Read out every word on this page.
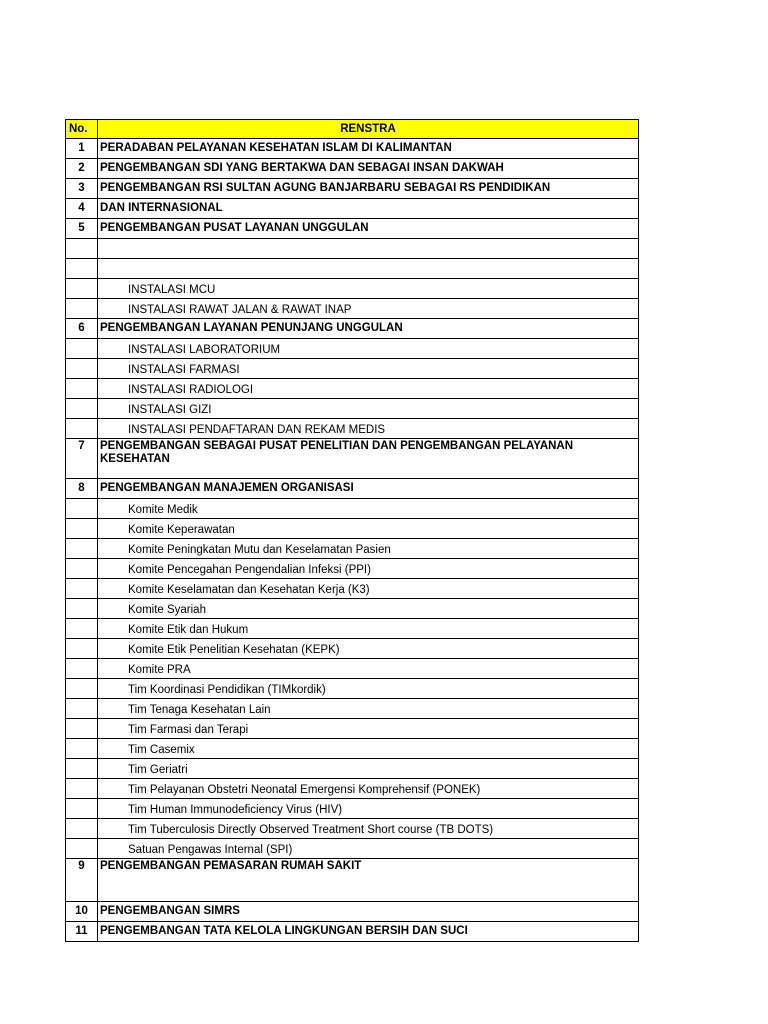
No.	RENSTRA
1	PERADABAN PELAYANAN KESEHATAN ISLAM DI KALIMANTAN
2	PENGEMBANGAN SDI YANG BERTAKWA DAN SEBAGAI INSAN DAKWAH
3	PENGEMBANGAN RSI SULTAN AGUNG BANJARBARU SEBAGAI RS PENDIDIKAN
4	DAN INTERNASIONAL
5	PENGEMBANGAN PUSAT LAYANAN UNGGULAN

	INSTALASI MCU
	INSTALASI RAWAT JALAN & RAWAT INAP
6	PENGEMBANGAN LAYANAN PENUNJANG UNGGULAN
	INSTALASI LABORATORIUM
	INSTALASI FARMASI
	INSTALASI RADIOLOGI
	INSTALASI GIZI
	INSTALASI PENDAFTARAN DAN REKAM MEDIS
7	PENGEMBANGAN SEBAGAI PUSAT PENELITIAN DAN PENGEMBANGAN PELAYANAN KESEHATAN
8	PENGEMBANGAN MANAJEMEN ORGANISASI
	Komite Medik
	Komite Keperawatan
	Komite Peningkatan Mutu dan Keselamatan Pasien
	Komite Pencegahan Pengendalian Infeksi (PPI)
	Komite Keselamatan dan Kesehatan Kerja (K3)
	Komite Syariah
	Komite Etik dan Hukum
	Komite Etik Penelitian Kesehatan (KEPK)
	Komite PRA
	Tim Koordinasi Pendidikan (TIMkordik)
	Tim Tenaga Kesehatan Lain
	Tim Farmasi dan Terapi
	Tim Casemix
	Tim Geriatri
	Tim Pelayanan Obstetri Neonatal Emergensi Komprehensif (PONEK)
	Tim Human Immunodeficiency Virus (HIV)
	Tim Tuberculosis Directly Observed Treatment Short course (TB DOTS)
	Satuan Pengawas Internal (SPI)
9	PENGEMBANGAN PEMASARAN RUMAH SAKIT
10	PENGEMBANGAN SIMRS
11	PENGEMBANGAN TATA KELOLA LINGKUNGAN BERSIH DAN SUCI
